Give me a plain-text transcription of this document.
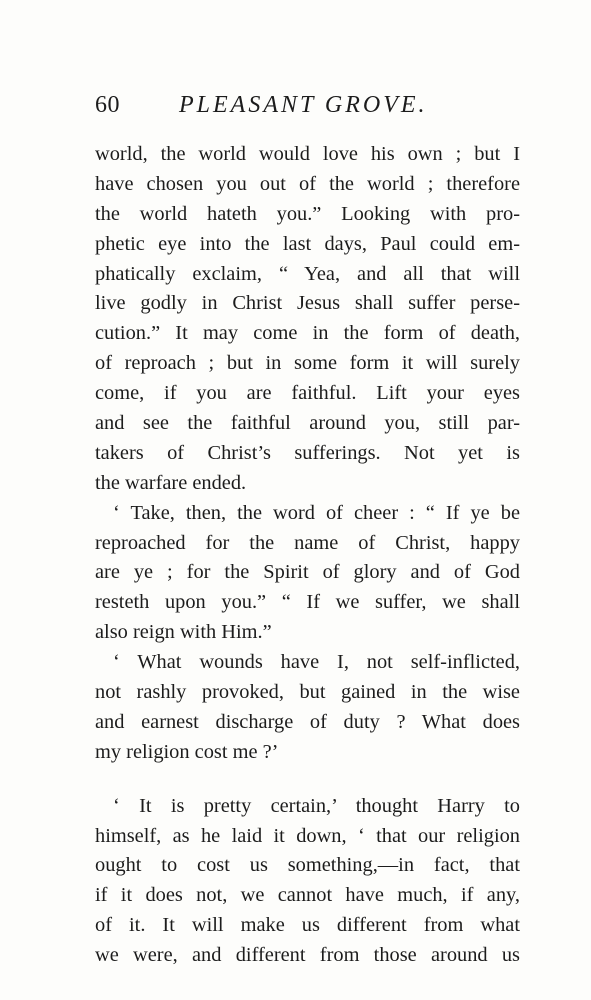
60 PLEASANT GROVE.

world, the world would love his own ; but I
have chosen you out of the world ; therefore
the world hateth you.” Looking with pro-
phetic eye into the last days, Paul could em-
phatically exclaim, “ Yea, and all that will
live godly in Christ Jesus shall suffer perse-
cution.” It may come in the form of death,
of reproach ; but in some form it will surely
come, if you are faithful. Lift your eyes
and see the faithful around you, still par-
takers of Christ’s sufferings. Not yet is
the warfare ended.

‘ Take, then, the word of cheer : “ If ye be
reproached for the name of Christ, happy
are ye ; for the Spirit of glory and of God
resteth upon you.” “ If we suffer, we shall
also reign with Him.”

‘ What wounds have I, not self-inflicted,
not rashly provoked, but gained in the wise
and earnest discharge of duty ? What does
my religion cost me ?’

‘ It is pretty certain,’ thought Harry to
himself, as he laid it down, ‘ that our religion
ought to cost us something,—in fact, that
if it does not, we cannot have much, if any,
of it. It will make us different from what
we were, and different from those around us
